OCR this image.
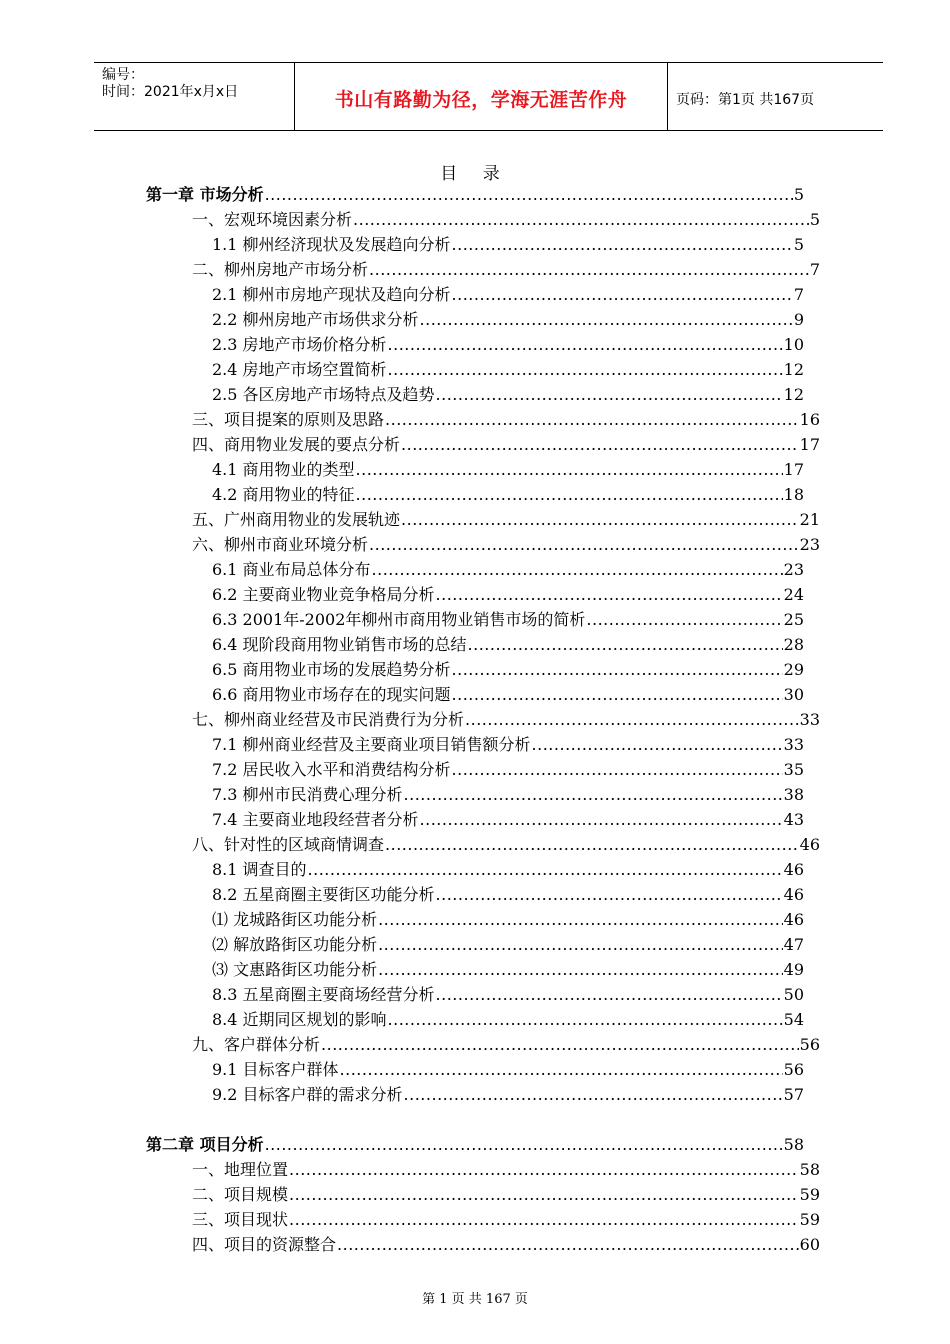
编号：
时间：2021年x月x日	书山有路勤为径，学海无涯苦作舟	页码：第1页 共167页
目 录
第一章 市场分析 .....	5
一、宏观环境因素分析 .....	5
1.1 柳州经济现状及发展趋向分析 .....	5
二、柳州房地产市场分析 .....	7
2.1 柳州市房地产现状及趋向分析 .....	7
2.2 柳州房地产市场供求分析 .....	9
2.3 房地产市场价格分析 .....	10
2.4 房地产市场空置简析 .....	12
2.5 各区房地产市场特点及趋势 .....	12
三、项目提案的原则及思路 .....	16
四、商用物业发展的要点分析 .....	17
4.1 商用物业的类型 .....	17
4.2 商用物业的特征 .....	18
五、广州商用物业的发展轨迹 .....	21
六、柳州市商业环境分析 .....	23
6.1 商业布局总体分布 .....	23
6.2 主要商业物业竞争格局分析 .....	24
6.3 2001年-2002年柳州市商用物业销售市场的简析 .....	25
6.4 现阶段商用物业销售市场的总结 .....	28
6.5 商用物业市场的发展趋势分析 .....	29
6.6 商用物业市场存在的现实问题 .....	30
七、柳州商业经营及市民消费行为分析 .....	33
7.1 柳州商业经营及主要商业项目销售额分析 .....	33
7.2 居民收入水平和消费结构分析 .....	35
7.3 柳州市民消费心理分析 .....	38
7.4 主要商业地段经营者分析 .....	43
八、针对性的区域商情调查 .....	46
8.1 调查目的 .....	46
8.2 五星商圈主要街区功能分析 .....	46
⑴ 龙城路街区功能分析 .....	46
⑵ 解放路街区功能分析 .....	47
⑶ 文惠路街区功能分析 .....	49
8.3 五星商圈主要商场经营分析 .....	50
8.4 近期同区规划的影响 .....	54
九、客户群体分析 .....	56
9.1 目标客户群体 .....	56
9.2 目标客户群的需求分析 .....	57
第二章 项目分析 .....	58
一、地理位置 .....	58
二、项目规模 .....	59
三、项目现状 .....	59
四、项目的资源整合 .....	60
第 1 页 共 167 页
